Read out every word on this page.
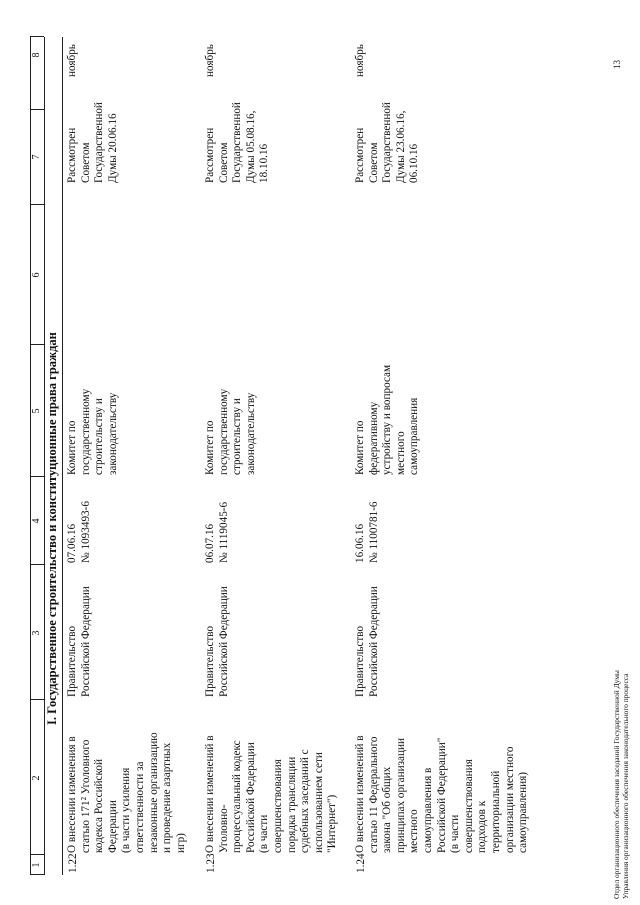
1
2
3
4
5
6
7
8
I. Государственное строительство и конституционные права граждан
1.22
О внесении изменения в статью 171² Уголовного кодекса Российской Федерации (в части усиления ответственности за незаконные организацию и проведение азартных игр)
Правительство Российской Федерации
07.06.16 № 1093493-6
Комитет по государственному строительству и законодательству
Рассмотрен Советом Государственной Думы 20.06.16
ноябрь
1.23
О внесении изменений в Уголовно- процессуальный кодекс Российской Федерации (в части совершенствования порядка трансляции судебных заседаний с использованием сети "Интернет")
Правительство Российской Федерации
06.07.16 № 1119045-6
Комитет по государственному строительству и законодательству
Рассмотрен Советом Государственной Думы 05.08.16, 18.10.16
ноябрь
1.24
О внесении изменений в статью 11 Федерального закона "Об общих принципах организации местного самоуправления в Российской Федерации" (в части совершенствования подходов к территориальной организации местного самоуправления)
Правительство Российской Федерации
16.06.16 № 1100781-6
Комитет по федеративному устройству и вопросам местного самоуправления
Рассмотрен Советом Государственной Думы 23.06.16, 06.10.16
ноябрь
Отдел организационного обеспечения заседаний Государственной Думы Управления организационного обеспечения законодательного процесса
13
